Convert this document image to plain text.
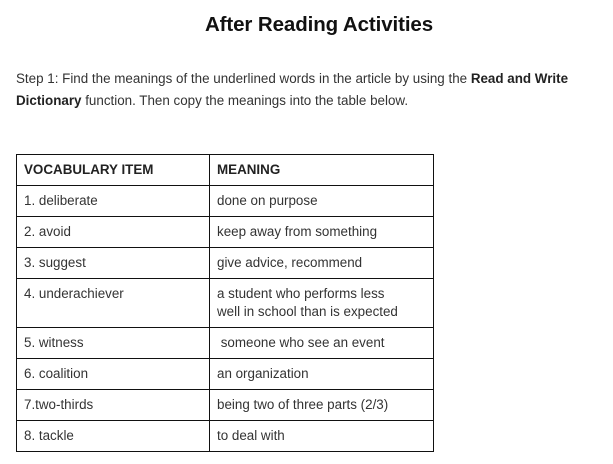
After Reading Activities
Step 1: Find the meanings of the underlined words in the article by using the Read and Write
Dictionary function. Then copy the meanings into the table below.
VOCABULARY ITEM	MEANING
1. deliberate	done on purpose
2. avoid	keep away from something
3. suggest	give advice, recommend
4. underachiever	a student who performs less
well in school than is expected
5. witness	someone who see an event
6. coalition	an organization
7.two-thirds	being two of three parts (2/3)
8. tackle	to deal with
